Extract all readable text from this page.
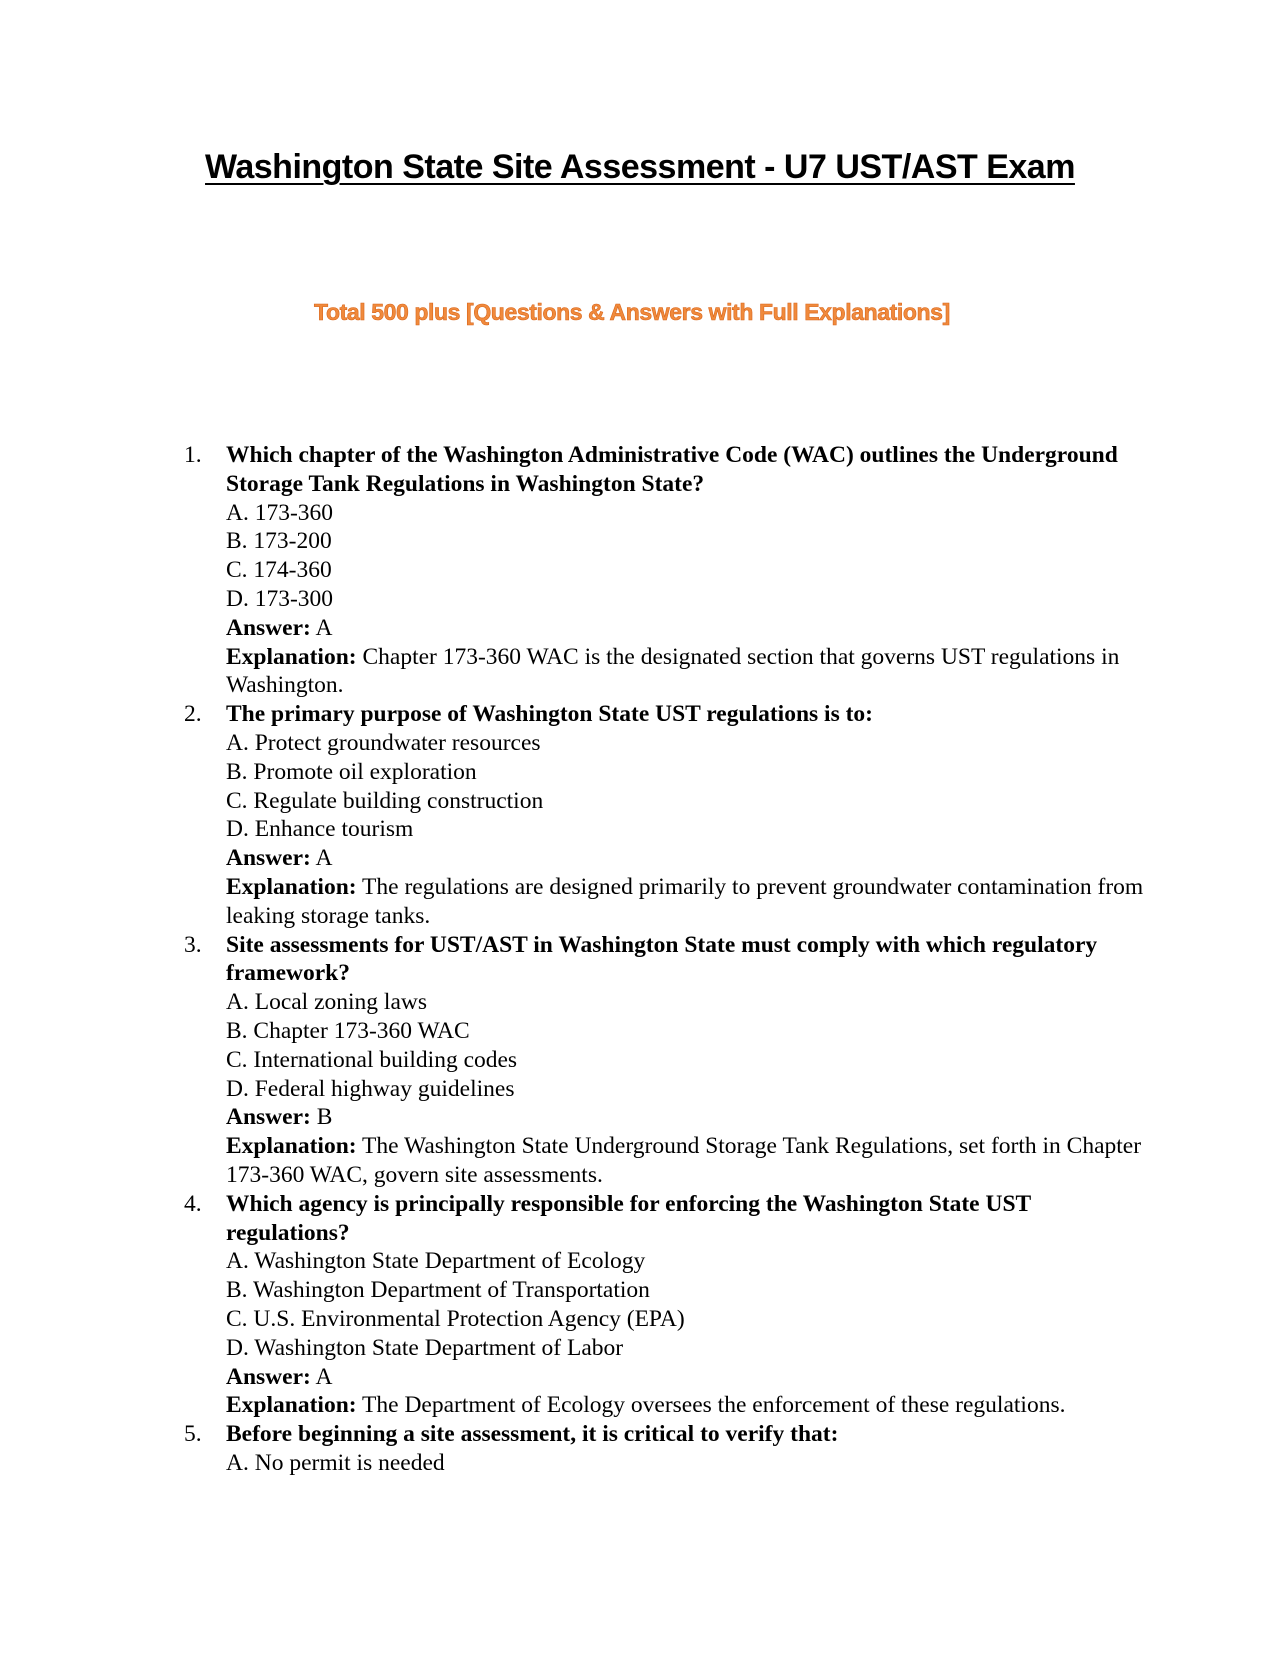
Washington State Site Assessment - U7 UST/AST Exam
Total 500 plus [Questions & Answers with Full Explanations]
1.	Which chapter of the Washington Administrative Code (WAC) outlines the Underground Storage Tank Regulations in Washington State?
A. 173-360
B. 173-200
C. 174-360
D. 173-300
Answer: A
Explanation: Chapter 173-360 WAC is the designated section that governs UST regulations in Washington.
2.	The primary purpose of Washington State UST regulations is to:
A. Protect groundwater resources
B. Promote oil exploration
C. Regulate building construction
D. Enhance tourism
Answer: A
Explanation: The regulations are designed primarily to prevent groundwater contamination from leaking storage tanks.
3.	Site assessments for UST/AST in Washington State must comply with which regulatory framework?
A. Local zoning laws
B. Chapter 173-360 WAC
C. International building codes
D. Federal highway guidelines
Answer: B
Explanation: The Washington State Underground Storage Tank Regulations, set forth in Chapter 173-360 WAC, govern site assessments.
4.	Which agency is principally responsible for enforcing the Washington State UST regulations?
A. Washington State Department of Ecology
B. Washington Department of Transportation
C. U.S. Environmental Protection Agency (EPA)
D. Washington State Department of Labor
Answer: A
Explanation: The Department of Ecology oversees the enforcement of these regulations.
5.	Before beginning a site assessment, it is critical to verify that:
A. No permit is needed
